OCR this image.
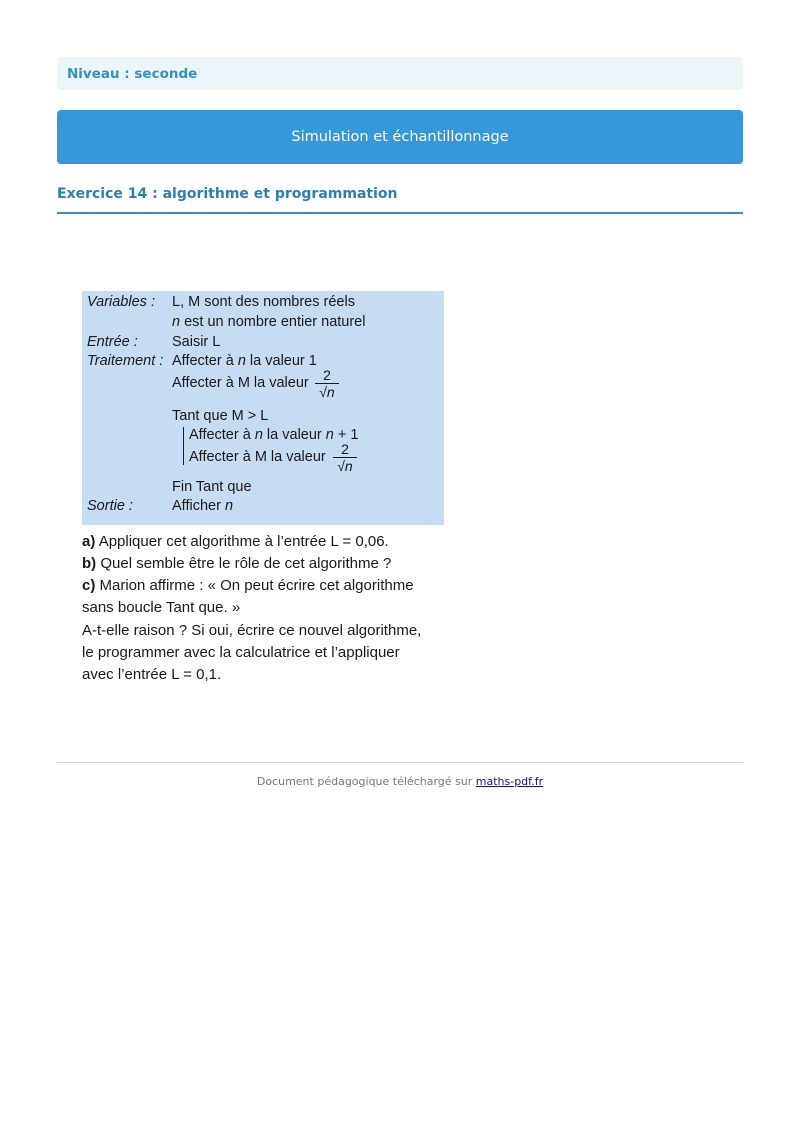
Niveau : seconde
Simulation et échantillonnage
Exercice 14 : algorithme et programmation
Variables : L, M sont des nombres réels
n est un nombre entier naturel
Entrée : Saisir L
Traitement : Affecter à n la valeur 1
Affecter à M la valeur 2
√n
Tant que M > L
Affecter à n la valeur n + 1
Affecter à M la valeur 2
√n
Fin Tant que
Sortie :	Afficher n
a) Appliquer cet algorithme à l’entrée L = 0,06.
b) Quel semble être le rôle de cet algorithme ?
c) Marion affirme : « On peut écrire cet algorithme
sans boucle Tant que. »
A-t-elle raison ? Si oui, écrire ce nouvel algorithme,
le programmer avec la calculatrice et l’appliquer
avec l’entrée L = 0,1.
Document pédagogique téléchargé sur maths-pdf.fr
